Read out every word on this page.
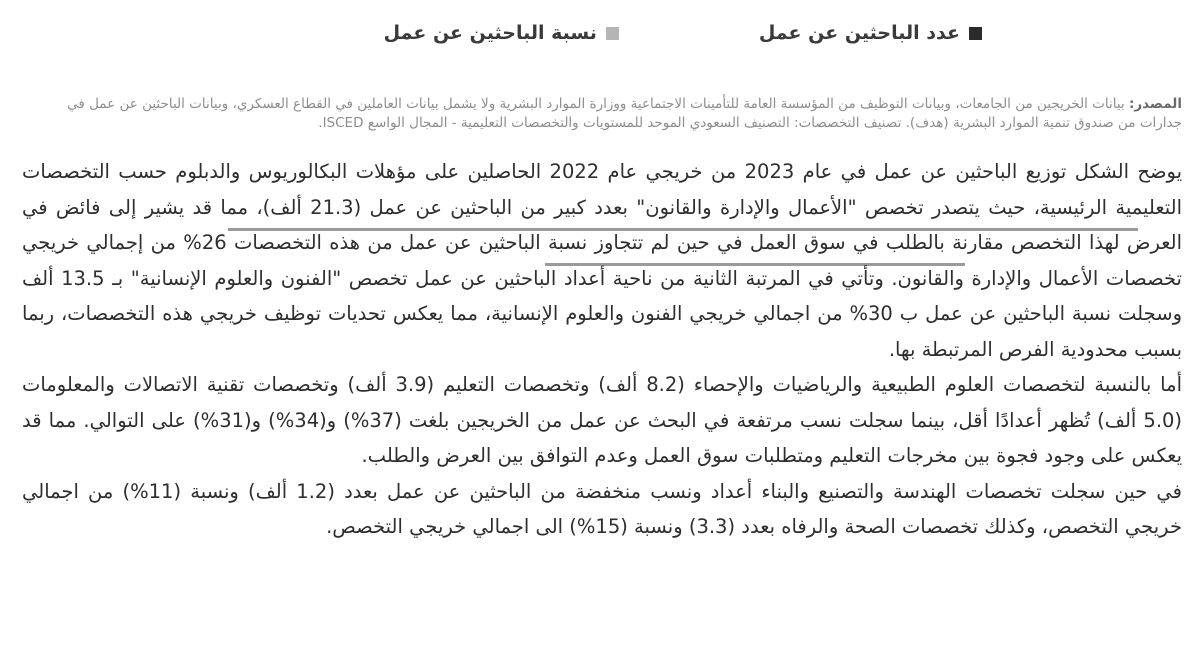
عدد الباحثين عن عمل
نسبة الباحثين عن عمل
المصدر: بيانات الخريجين من الجامعات، وبيانات التوظيف من المؤسسة العامة للتأمينات الاجتماعية ووزارة الموارد البشرية ولا يشمل بيانات العاملين في القطاع العسكري، وبيانات الباحثين عن عمل في جدارات من صندوق تنمية الموارد البشرية (هدف). تصنيف التخصصات: التصنيف السعودي الموحد للمستويات والتخصصات التعليمية - المجال الواسع ISCED.

يوضح الشكل توزيع الباحثين عن عمل في عام 2023 من خريجي عام 2022 الحاصلين على مؤهلات البكالوريوس والدبلوم حسب التخصصات التعليمية الرئيسية، حيث يتصدر تخصص "الأعمال والإدارة والقانون" بعدد كبير من الباحثين عن عمل (21.3 ألف)، مما قد يشير إلى فائض في العرض لهذا التخصص مقارنة بالطلب في سوق العمل في حين لم تتجاوز نسبة الباحثين عن عمل من هذه التخصصات 26% من إجمالي خريجي تخصصات الأعمال والإدارة والقانون. وتأتي في المرتبة الثانية من ناحية أعداد الباحثين عن عمل تخصص "الفنون والعلوم الإنسانية" بـ 13.5 ألف وسجلت نسبة الباحثين عن عمل ب 30% من اجمالي خريجي الفنون والعلوم الإنسانية، مما يعكس تحديات توظيف خريجي هذه التخصصات، ربما بسبب محدودية الفرص المرتبطة بها.

أما بالنسبة لتخصصات العلوم الطبيعية والرياضيات والإحصاء (8.2 ألف) وتخصصات التعليم (3.9 ألف) وتخصصات تقنية الاتصالات والمعلومات (5.0 ألف) تُظهر أعدادًا أقل، بينما سجلت نسب مرتفعة في البحث عن عمل من الخريجين بلغت (37%) و(34%) و(31%) على التوالي. مما قد يعكس على وجود فجوة بين مخرجات التعليم ومتطلبات سوق العمل وعدم التوافق بين العرض والطلب.

في حين سجلت تخصصات الهندسة والتصنيع والبناء أعداد ونسب منخفضة من الباحثين عن عمل بعدد (1.2 ألف) ونسبة (11%) من اجمالي خريجي التخصص، وكذلك تخصصات الصحة والرفاه بعدد (3.3) ونسبة (15%) الى اجمالي خريجي التخصص.
